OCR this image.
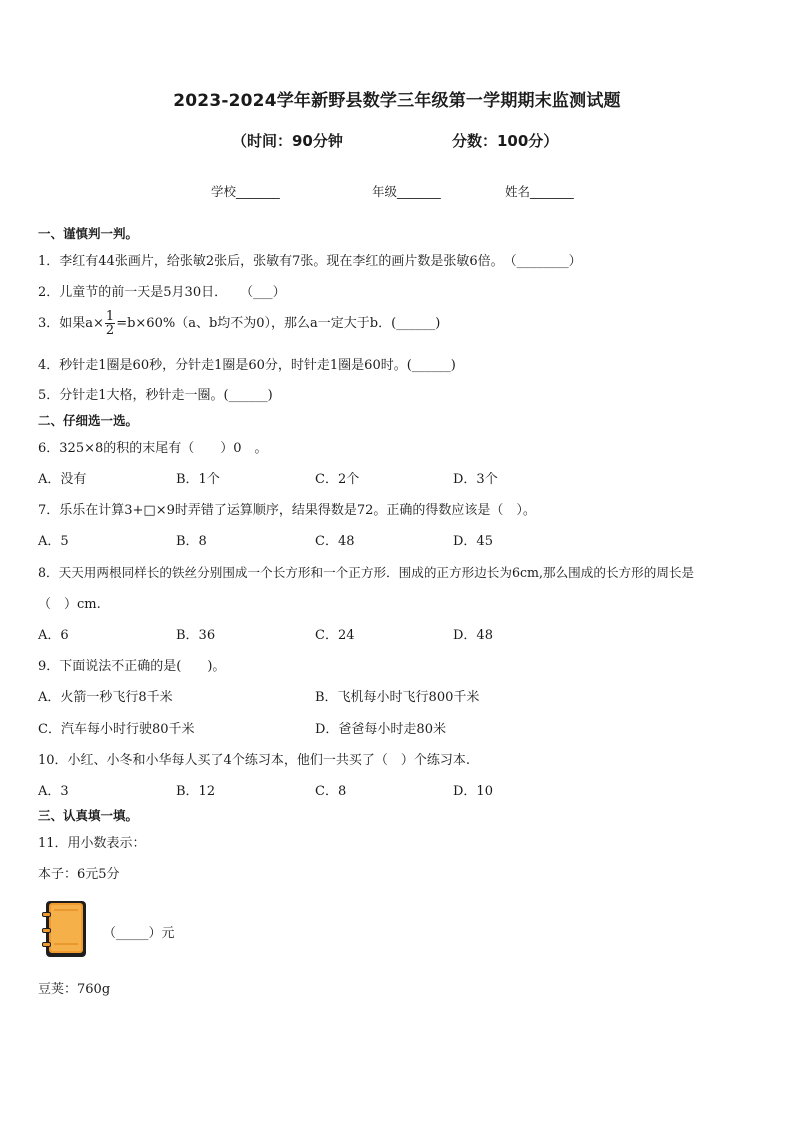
2023-2024学年新野县数学三年级第一学期期末监测试题
（时间：90分钟	分数：100分）
学校_______	年级_______	姓名_______
一、谨慎判一判。
1．李红有44张画片，给张敏2张后，张敏有7张。现在李红的画片数是张敏6倍。　（________）
2．儿童节的前一天是5月30日．　　（___）
3．如果$a\times \frac{1}{2} =b\times 60\%(a$、b均不为0），那么a一定大于b．(______)
4．秒针走1圈是60秒，分针走1圈是60分，时针走1圈是60时。(______)
5．分针走1大格，秒针走一圈。(______)
二、仔细选一选。
6．325×8的积的末尾有（　　）0　。
A．没有	B．1个	C．2个	D．3个
7．乐乐在计算3+□×9时弄错了运算顺序，结果得数是72。正确的得数应该是（　）。
A．5	B．8	C．48	D．45
8．天天用两根同样长的铁丝分别围成一个长方形和一个正方形．围成的正方形边长为6cm,那么围成的长方形的周长是
（　）cm.
A．6	B．36	C．24	D．48
9．下面说法不正确的是(　　)。
A．火箭一秒飞行8千米	B．飞机每小时飞行800千米
C．汽车每小时行驶80千米	D．爸爸每小时走80米
10．小红、小冬和小华每人买了4个练习本，他们一共买了（　）个练习本.
A．3	B．12	C．8	D．10
三、认真填一填。
11．用小数表示：
本子：6元5分
（_____）元
豆荚：760g
